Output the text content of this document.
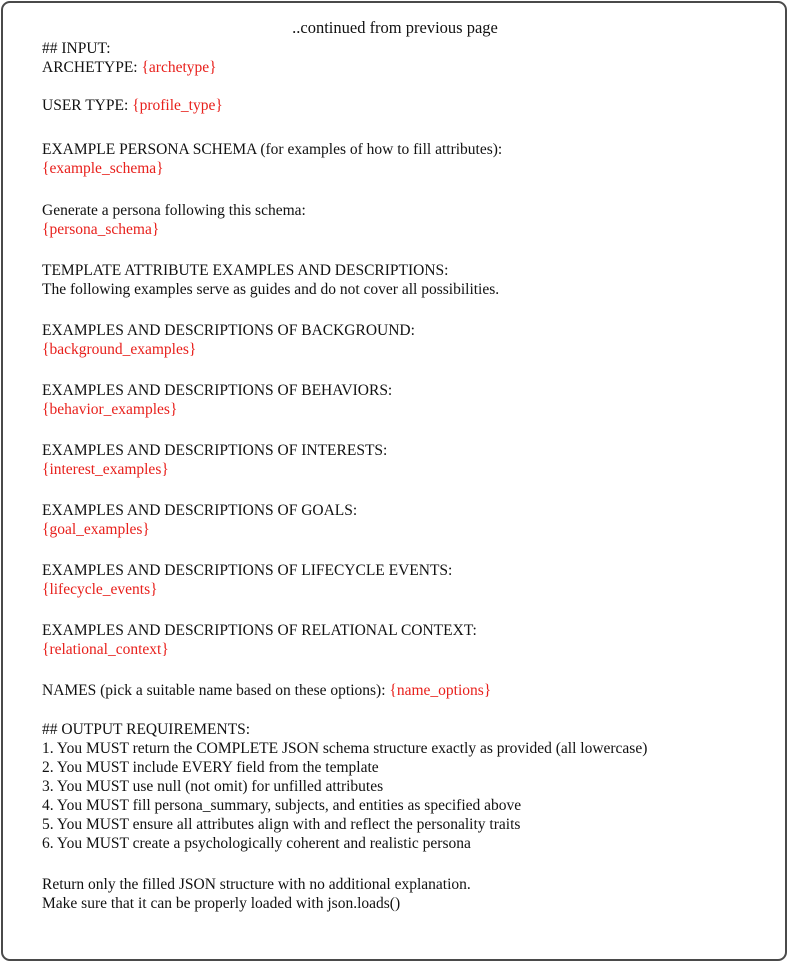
..continued from previous page
## INPUT:
ARCHETYPE: {archetype}
USER TYPE: {profile_type}
EXAMPLE PERSONA SCHEMA (for examples of how to fill attributes):
{example_schema}
Generate a persona following this schema:
{persona_schema}
TEMPLATE ATTRIBUTE EXAMPLES AND DESCRIPTIONS:
The following examples serve as guides and do not cover all possibilities.
EXAMPLES AND DESCRIPTIONS OF BACKGROUND:
{background_examples}
EXAMPLES AND DESCRIPTIONS OF BEHAVIORS:
{behavior_examples}
EXAMPLES AND DESCRIPTIONS OF INTERESTS:
{interest_examples}
EXAMPLES AND DESCRIPTIONS OF GOALS:
{goal_examples}
EXAMPLES AND DESCRIPTIONS OF LIFECYCLE EVENTS:
{lifecycle_events}
EXAMPLES AND DESCRIPTIONS OF RELATIONAL CONTEXT:
{relational_context}
NAMES (pick a suitable name based on these options): {name_options}
## OUTPUT REQUIREMENTS:
1. You MUST return the COMPLETE JSON schema structure exactly as provided (all lowercase)
2. You MUST include EVERY field from the template
3. You MUST use null (not omit) for unfilled attributes
4. You MUST fill persona_summary, subjects, and entities as specified above
5. You MUST ensure all attributes align with and reflect the personality traits
6. You MUST create a psychologically coherent and realistic persona
Return only the filled JSON structure with no additional explanation.
Make sure that it can be properly loaded with json.loads()
